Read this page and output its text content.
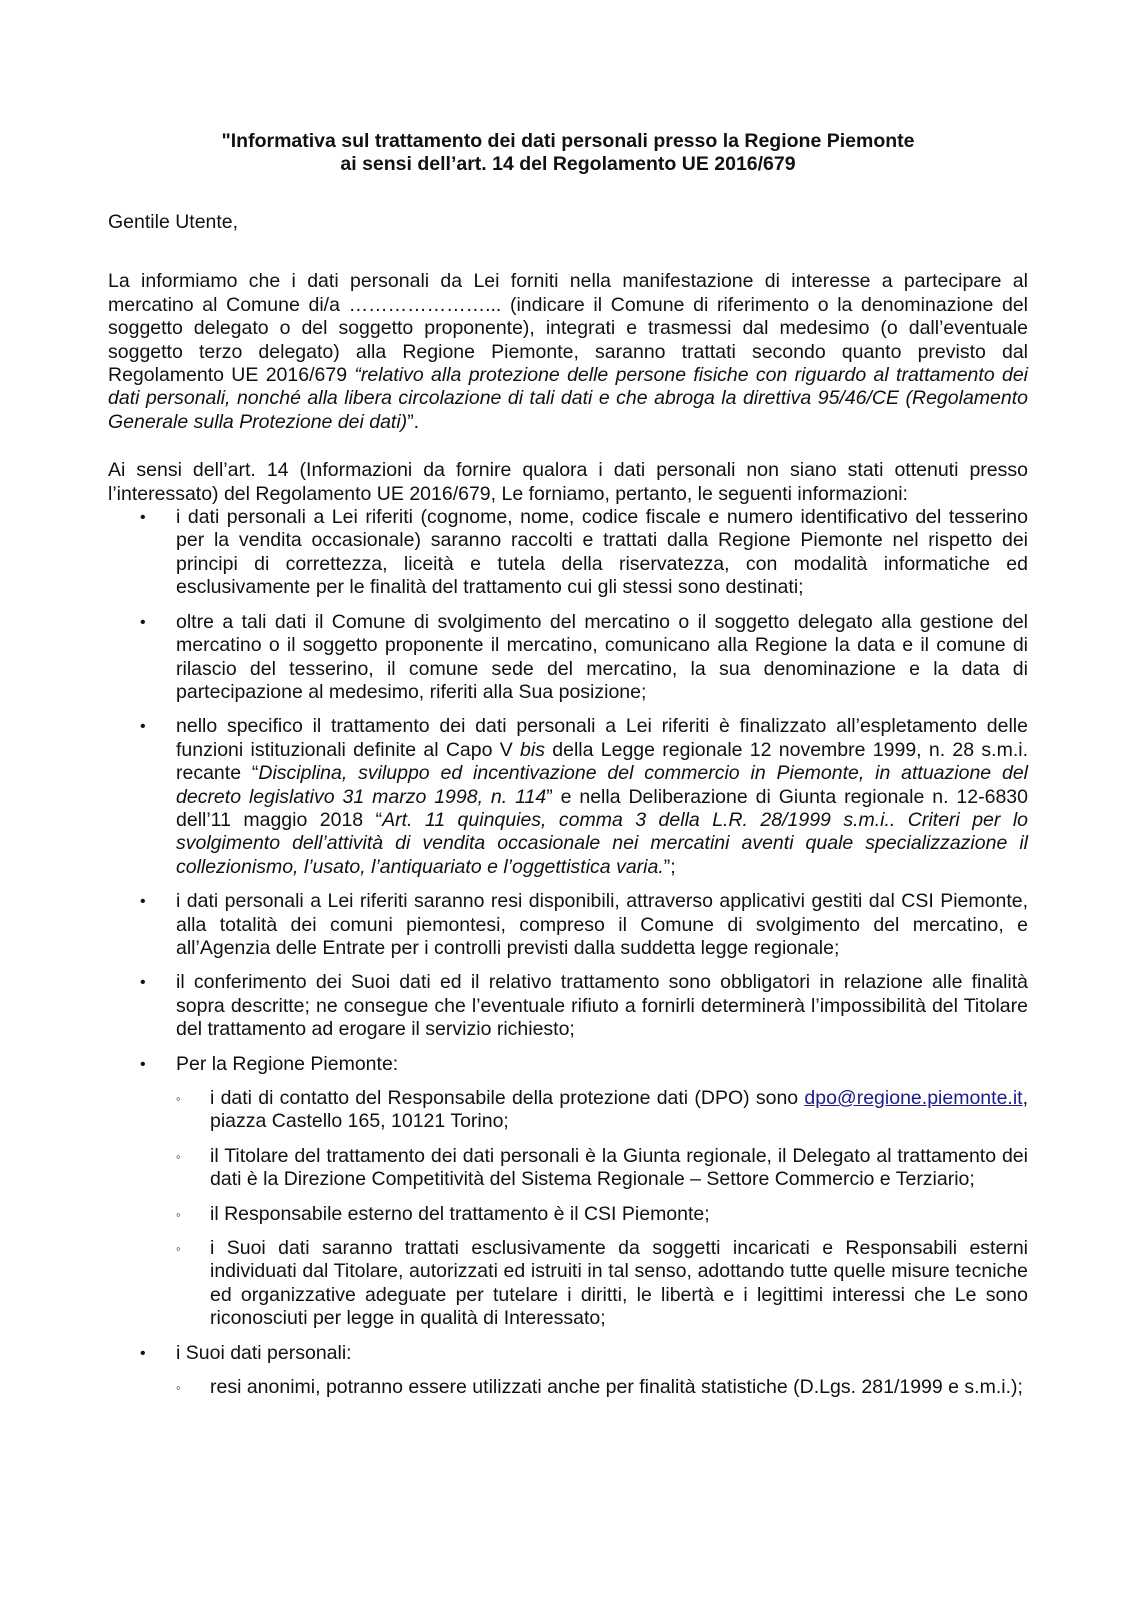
"Informativa sul trattamento dei dati personali presso la Regione Piemonte
ai sensi dell’art. 14 del Regolamento UE 2016/679
Gentile Utente,

La informiamo che i dati personali da Lei forniti nella manifestazione di interesse a partecipare al mercatino al Comune di/a …………………... (indicare il Comune di riferimento o la denominazione del soggetto delegato o del soggetto proponente), integrati e trasmessi dal medesimo (o dall’eventuale soggetto terzo delegato) alla Regione Piemonte, saranno trattati secondo quanto previsto dal Regolamento UE 2016/679 “relativo alla protezione delle persone fisiche con riguardo al trattamento dei dati personali, nonché alla libera circolazione di tali dati e che abroga la direttiva 95/46/CE (Regolamento Generale sulla Protezione dei dati)”.

Ai sensi dell’art. 14 (Informazioni da fornire qualora i dati personali non siano stati ottenuti presso l’interessato) del Regolamento UE 2016/679, Le forniamo, pertanto, le seguenti informazioni:

• i dati personali a Lei riferiti (cognome, nome, codice fiscale e numero identificativo del tesserino per la vendita occasionale) saranno raccolti e trattati dalla Regione Piemonte nel rispetto dei principi di correttezza, liceità e tutela della riservatezza, con modalità informatiche ed esclusivamente per le finalità del trattamento cui gli stessi sono destinati;
• oltre a tali dati il Comune di svolgimento del mercatino o il soggetto delegato alla gestione del mercatino o il soggetto proponente il mercatino, comunicano alla Regione la data e il comune di rilascio del tesserino, il comune sede del mercatino, la sua denominazione e la data di partecipazione al medesimo, riferiti alla Sua posizione;
• nello specifico il trattamento dei dati personali a Lei riferiti è finalizzato all’espletamento delle funzioni istituzionali definite al Capo V bis della Legge regionale 12 novembre 1999, n. 28 s.m.i. recante “Disciplina, sviluppo ed incentivazione del commercio in Piemonte, in attuazione del decreto legislativo 31 marzo 1998, n. 114” e nella Deliberazione di Giunta regionale n. 12-6830 dell’11 maggio 2018 “Art. 11 quinquies, comma 3 della L.R. 28/1999 s.m.i.. Criteri per lo svolgimento dell’attività di vendita occasionale nei mercatini aventi quale specializzazione il collezionismo, l’usato, l’antiquariato e l’oggettistica varia.”;
• i dati personali a Lei riferiti saranno resi disponibili, attraverso applicativi gestiti dal CSI Piemonte, alla totalità dei comuni piemontesi, compreso il Comune di svolgimento del mercatino, e all’Agenzia delle Entrate per i controlli previsti dalla suddetta legge regionale;
• il conferimento dei Suoi dati ed il relativo trattamento sono obbligatori in relazione alle finalità sopra descritte; ne consegue che l’eventuale rifiuto a fornirli determinerà l’impossibilità del Titolare del trattamento ad erogare il servizio richiesto;
• Per la Regione Piemonte:
◦ i dati di contatto del Responsabile della protezione dati (DPO) sono dpo@regione.piemonte.it, piazza Castello 165, 10121 Torino;
◦ il Titolare del trattamento dei dati personali è la Giunta regionale, il Delegato al trattamento dei dati è la Direzione Competitività del Sistema Regionale – Settore Commercio e Terziario;
◦ il Responsabile esterno del trattamento è il CSI Piemonte;
◦ i Suoi dati saranno trattati esclusivamente da soggetti incaricati e Responsabili esterni individuati dal Titolare, autorizzati ed istruiti in tal senso, adottando tutte quelle misure tecniche ed organizzative adeguate per tutelare i diritti, le libertà e i legittimi interessi che Le sono riconosciuti per legge in qualità di Interessato;
• i Suoi dati personali:
◦ resi anonimi, potranno essere utilizzati anche per finalità statistiche (D.Lgs. 281/1999 e s.m.i.);
